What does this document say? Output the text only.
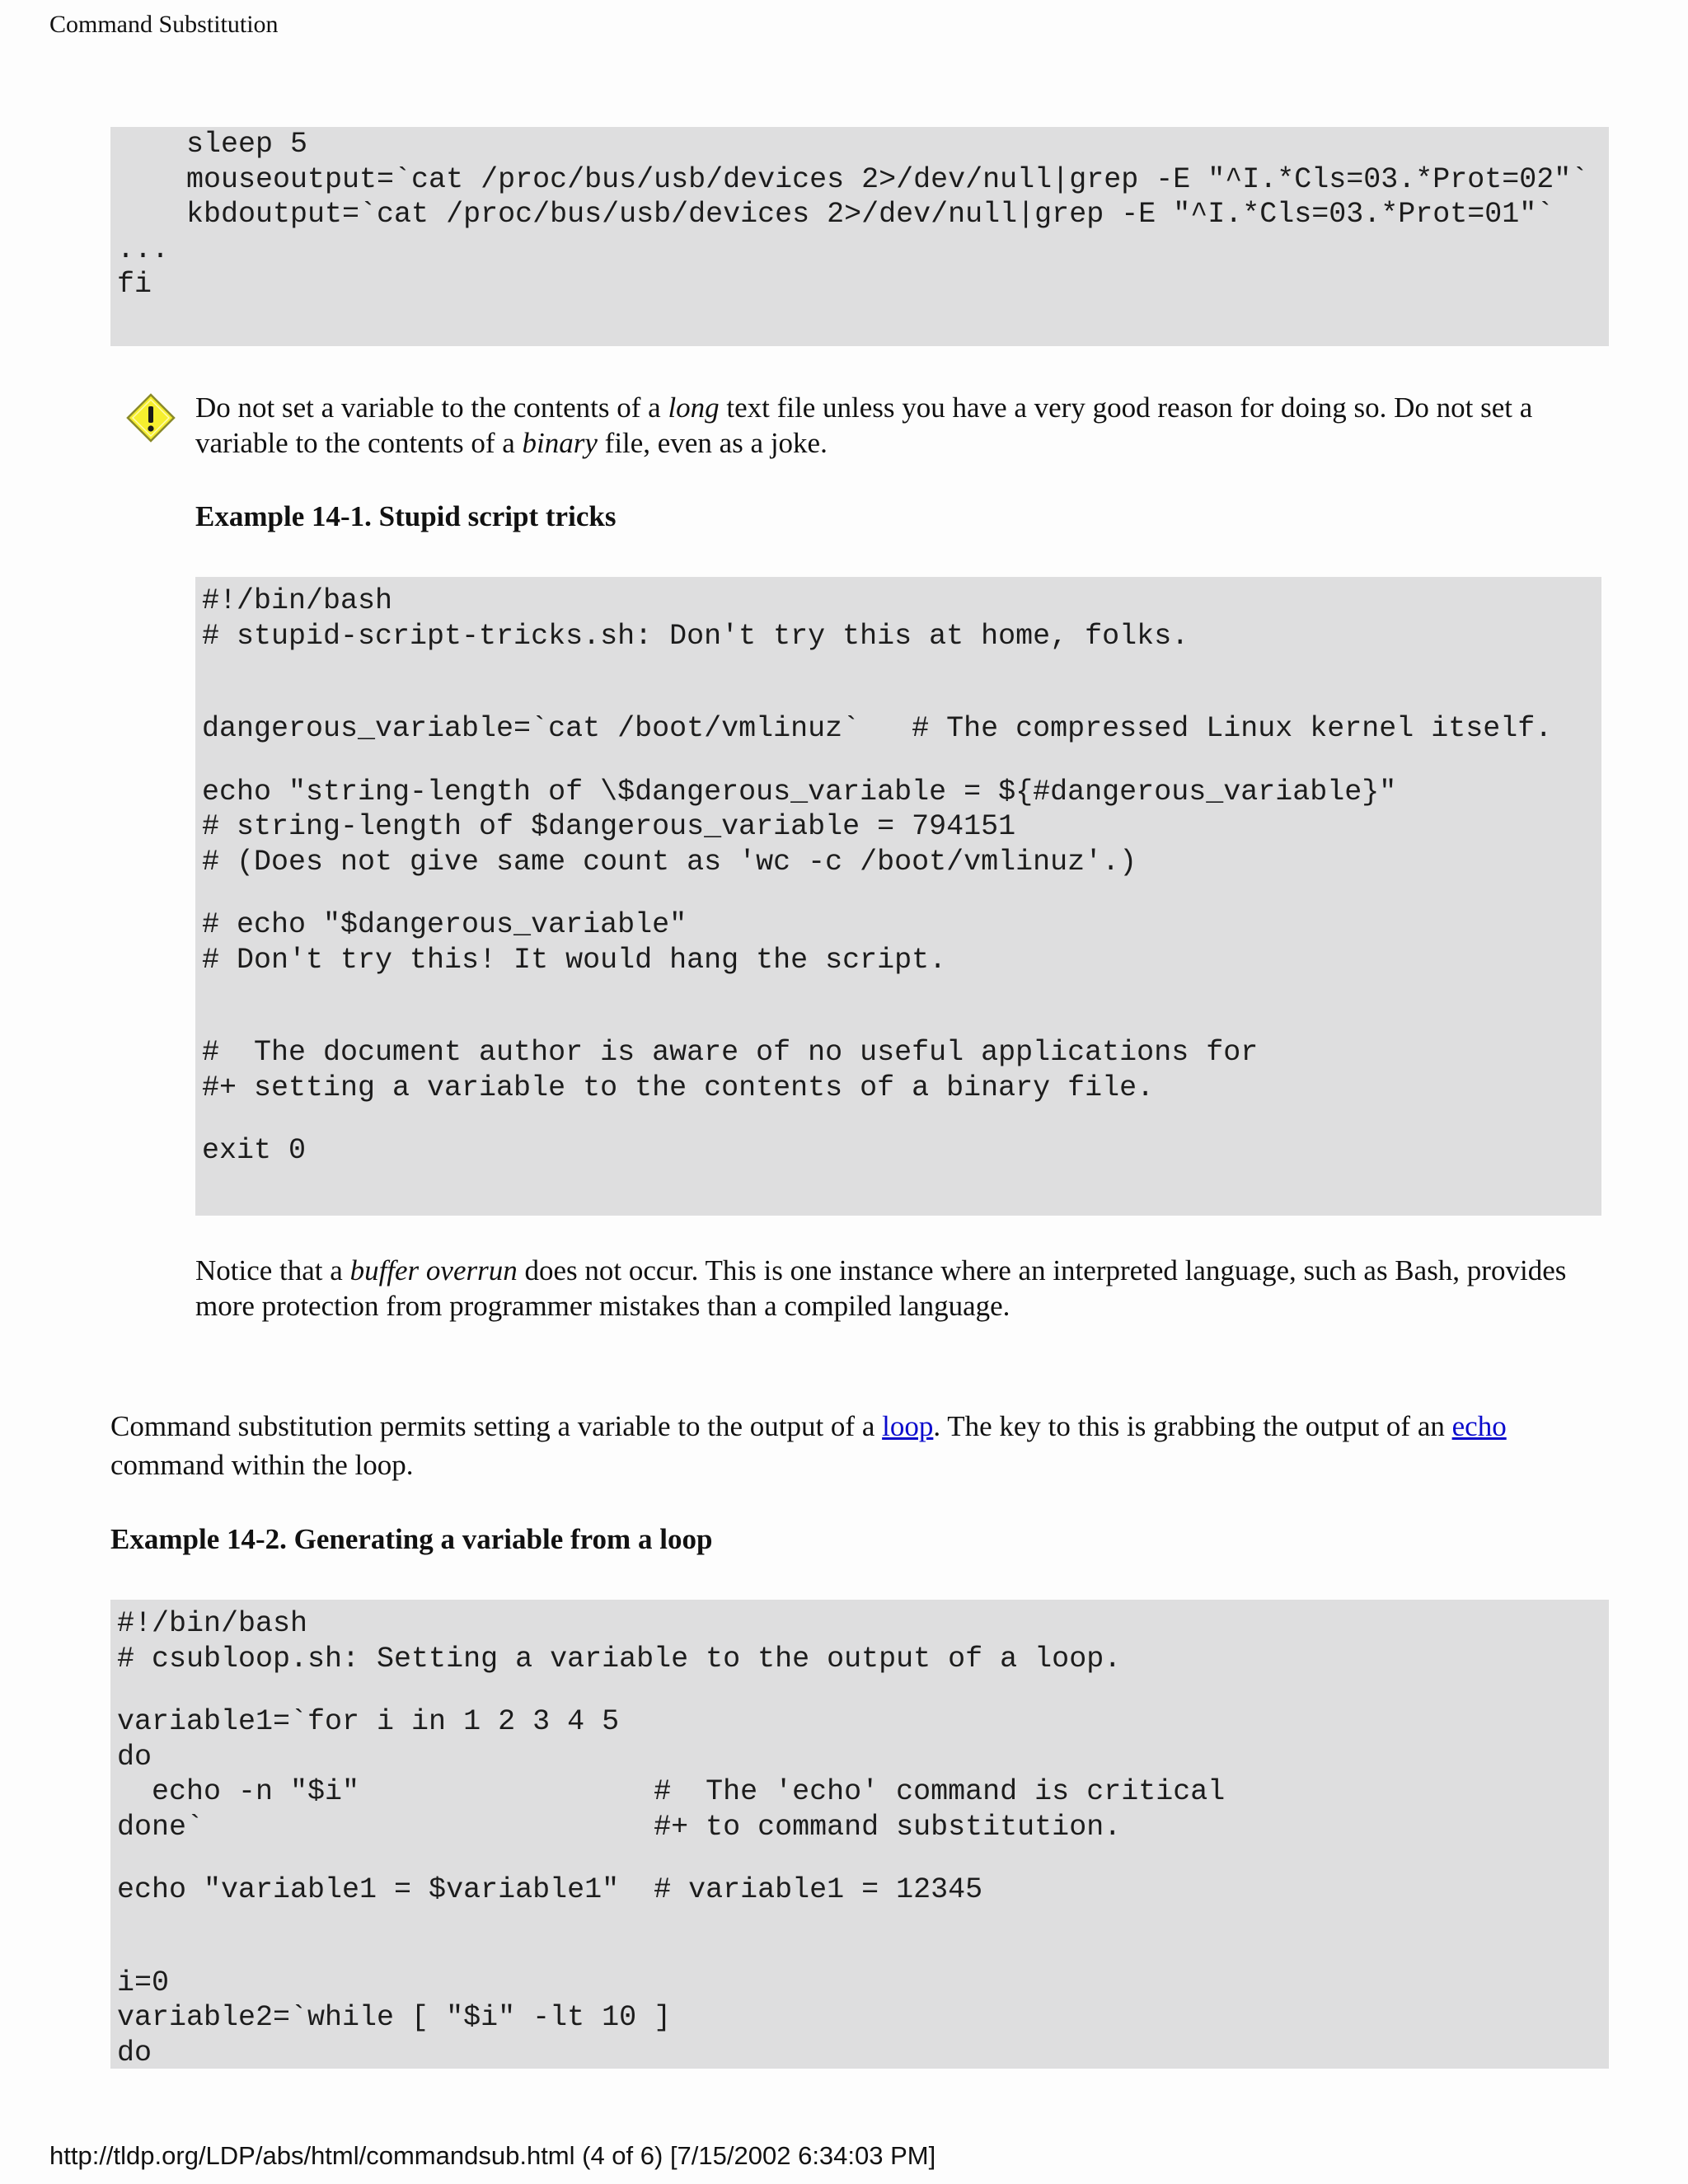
Command Substitution
sleep 5
mouseoutput=`cat /proc/bus/usb/devices 2>/dev/null|grep -E "^I.*Cls=03.*Prot=02"`
kbdoutput=`cat /proc/bus/usb/devices 2>/dev/null|grep -E "^I.*Cls=03.*Prot=01"`
...
fi

Do not set a variable to the contents of a long text file unless you have a very good reason for doing so. Do not set a variable to the contents of a binary file, even as a joke.

Example 14-1. Stupid script tricks

#!/bin/bash
# stupid-script-tricks.sh: Don't try this at home, folks.

dangerous_variable=`cat /boot/vmlinuz`   # The compressed Linux kernel itself.

echo "string-length of \$dangerous_variable = ${#dangerous_variable}"
# string-length of $dangerous_variable = 794151
# (Does not give same count as 'wc -c /boot/vmlinuz'.)

# echo "$dangerous_variable"
# Don't try this! It would hang the script.

#  The document author is aware of no useful applications for
#+ setting a variable to the contents of a binary file.

exit 0

Notice that a buffer overrun does not occur. This is one instance where an interpreted language, such as Bash, provides more protection from programmer mistakes than a compiled language.

Command substitution permits setting a variable to the output of a loop. The key to this is grabbing the output of an echo command within the loop.

Example 14-2. Generating a variable from a loop

#!/bin/bash
# csubloop.sh: Setting a variable to the output of a loop.

variable1=`for i in 1 2 3 4 5
do
echo -n "$i"                 #  The 'echo' command is critical
done`                          #+ to command substitution.

echo "variable1 = $variable1"  # variable1 = 12345

i=0
variable2=`while [ "$i" -lt 10 ]
do
http://tldp.org/LDP/abs/html/commandsub.html (4 of 6) [7/15/2002 6:34:03 PM]
